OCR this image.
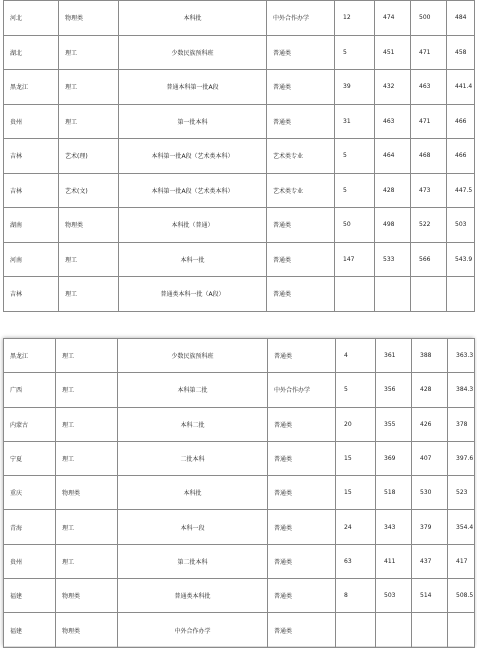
河北	物理类	本科批	中外合作办学	12	474	500	484
湖北	理工	少数民族预科班	普通类	5	451	471	458
黑龙江	理工	普通本科第一批A段	普通类	39	432	463	441.4
贵州	理工	第一批本科	普通类	31	463	471	466
吉林	艺术(理)	本科第一批A段（艺术类本科）	艺术类专业	5	464	468	466
吉林	艺术(文)	本科第一批A段（艺术类本科）	艺术类专业	5	428	473	447.5
湖南	物理类	本科批（普通）	普通类	50	498	522	503
河南	理工	本科一批	普通类	147	533	566	543.9
吉林	理工	普通类本科一批（A段）	普通类				
黑龙江	理工	少数民族预科班	普通类	4	361	388	363.3
广西	理工	本科第二批	中外合作办学	5	356	428	384.3
内蒙古	理工	本科二批	普通类	20	355	426	378
宁夏	理工	二批本科	普通类	15	369	407	397.6
重庆	物理类	本科批	普通类	15	518	530	523
青海	理工	本科一段	普通类	24	343	379	354.4
贵州	理工	第二批本科	普通类	63	411	437	417
福建	物理类	普通类本科批	普通类	8	503	514	508.5
福建	物理类	中外合作办学	普通类				
